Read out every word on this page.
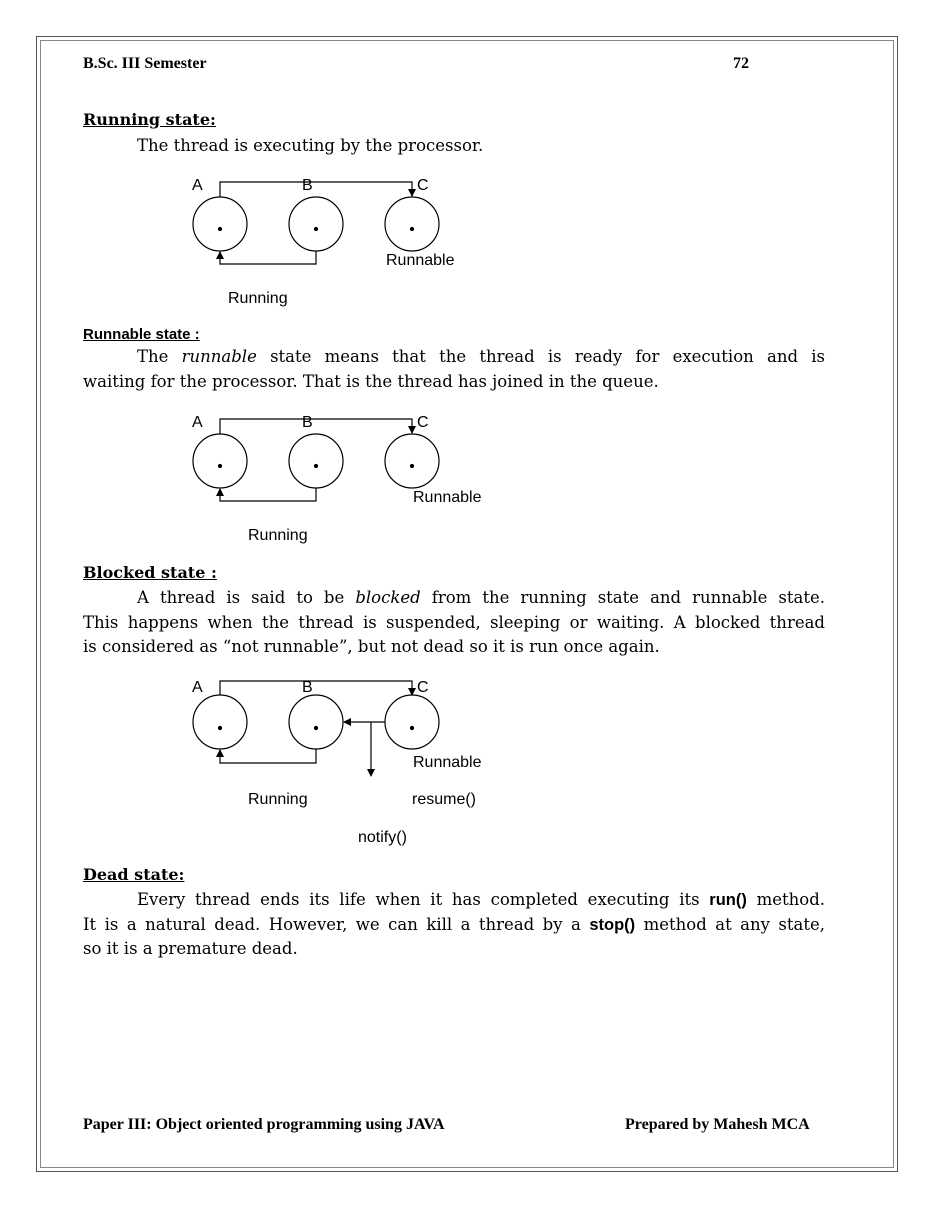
B.Sc. III Semester	72
Running state:
The thread is executing by the processor.
Runnable state :
The runnable state means that the thread is ready for execution and is
waiting for the processor. That is the thread has joined in the queue.
Blocked state :
A thread is said to be blocked from the running state and runnable state.
This happens when the thread is suspended, sleeping or waiting. A blocked thread
is considered as “not runnable”, but not dead so it is run once again.
Dead state:
Every thread ends its life when it has completed executing its run() method.
It is a natural dead. However, we can kill a thread by a stop() method at any state,
so it is a premature dead.
A	B	C
Runnable
Running
A	B	C
Runnable
Running
A	B	C
Runnable
Running	resume()
notify()
Paper III: Object oriented programming using JAVA	Prepared by Mahesh MCA
